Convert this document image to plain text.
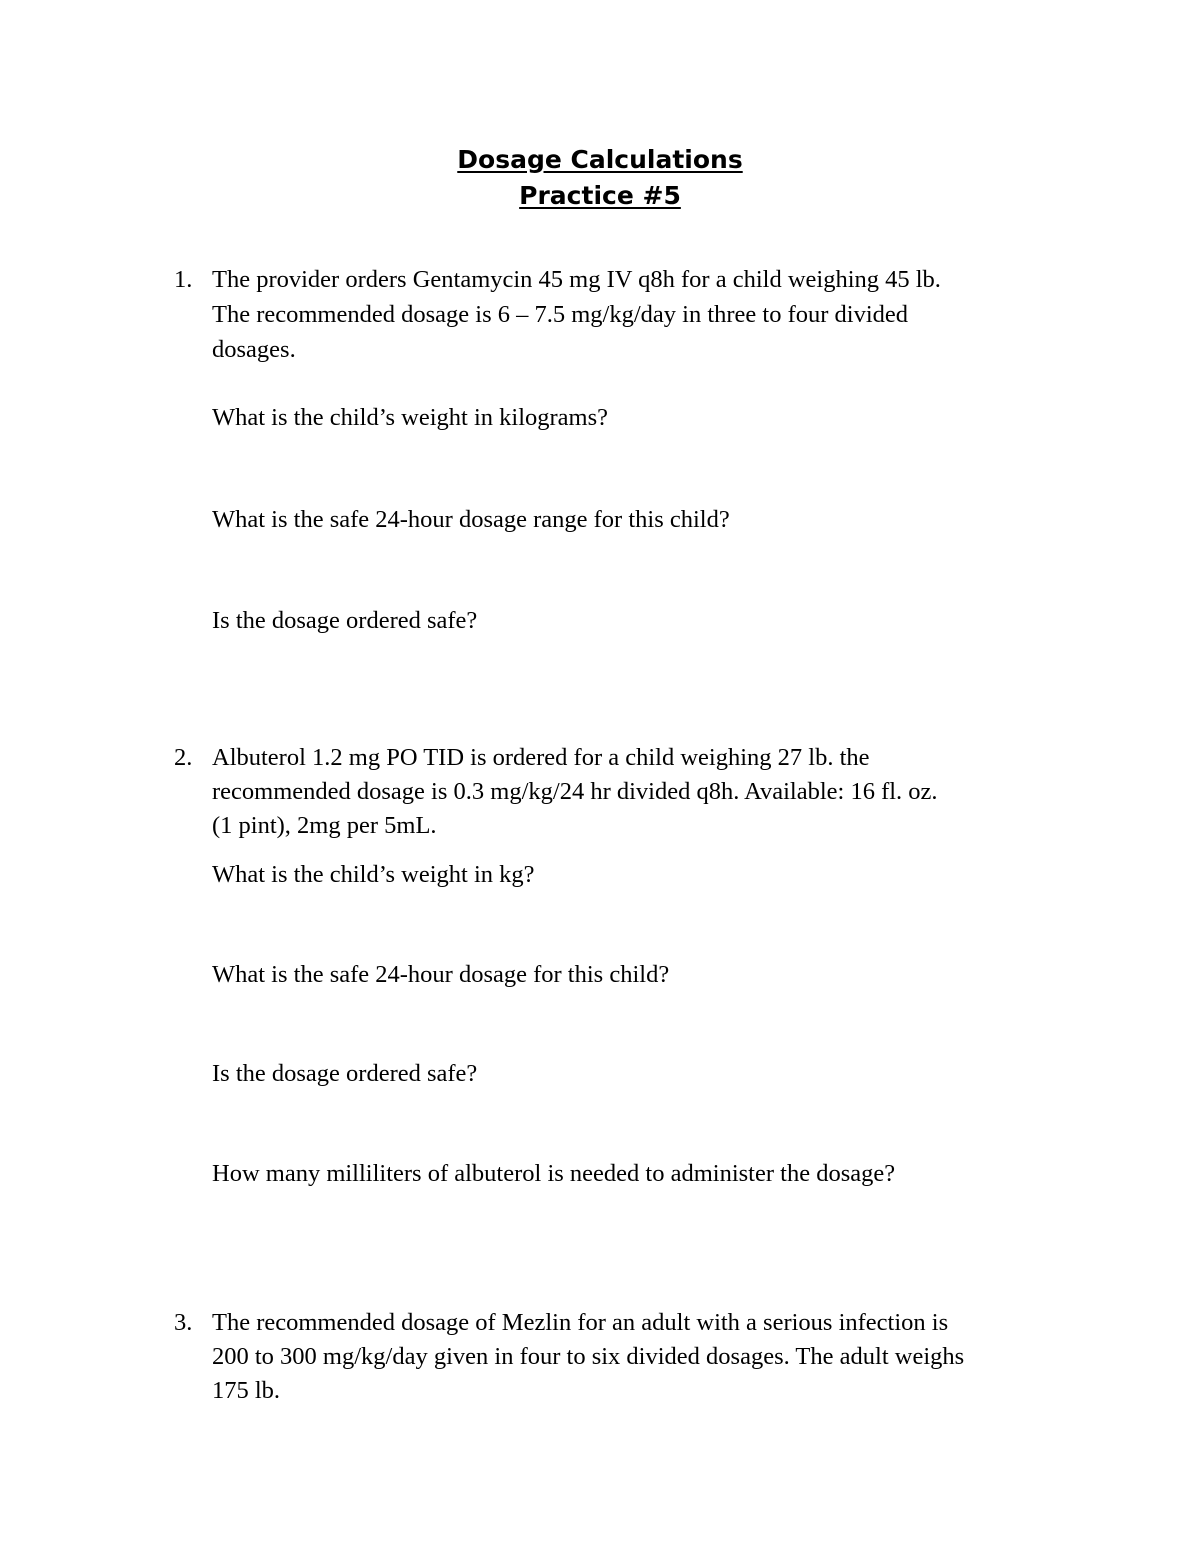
Dosage Calculations
Practice #5
1. The provider orders Gentamycin 45 mg IV q8h for a child weighing 45 lb.
The recommended dosage is 6 – 7.5 mg/kg/day in three to four divided
dosages.
What is the child’s weight in kilograms?
What is the safe 24-hour dosage range for this child?
Is the dosage ordered safe?
2. Albuterol 1.2 mg PO TID is ordered for a child weighing 27 lb. the
recommended dosage is 0.3 mg/kg/24 hr divided q8h. Available: 16 fl. oz.
(1 pint), 2mg per 5mL.
What is the child’s weight in kg?
What is the safe 24-hour dosage for this child?
Is the dosage ordered safe?
How many milliliters of albuterol is needed to administer the dosage?
3. The recommended dosage of Mezlin for an adult with a serious infection is
200 to 300 mg/kg/day given in four to six divided dosages. The adult weighs
175 lb.
